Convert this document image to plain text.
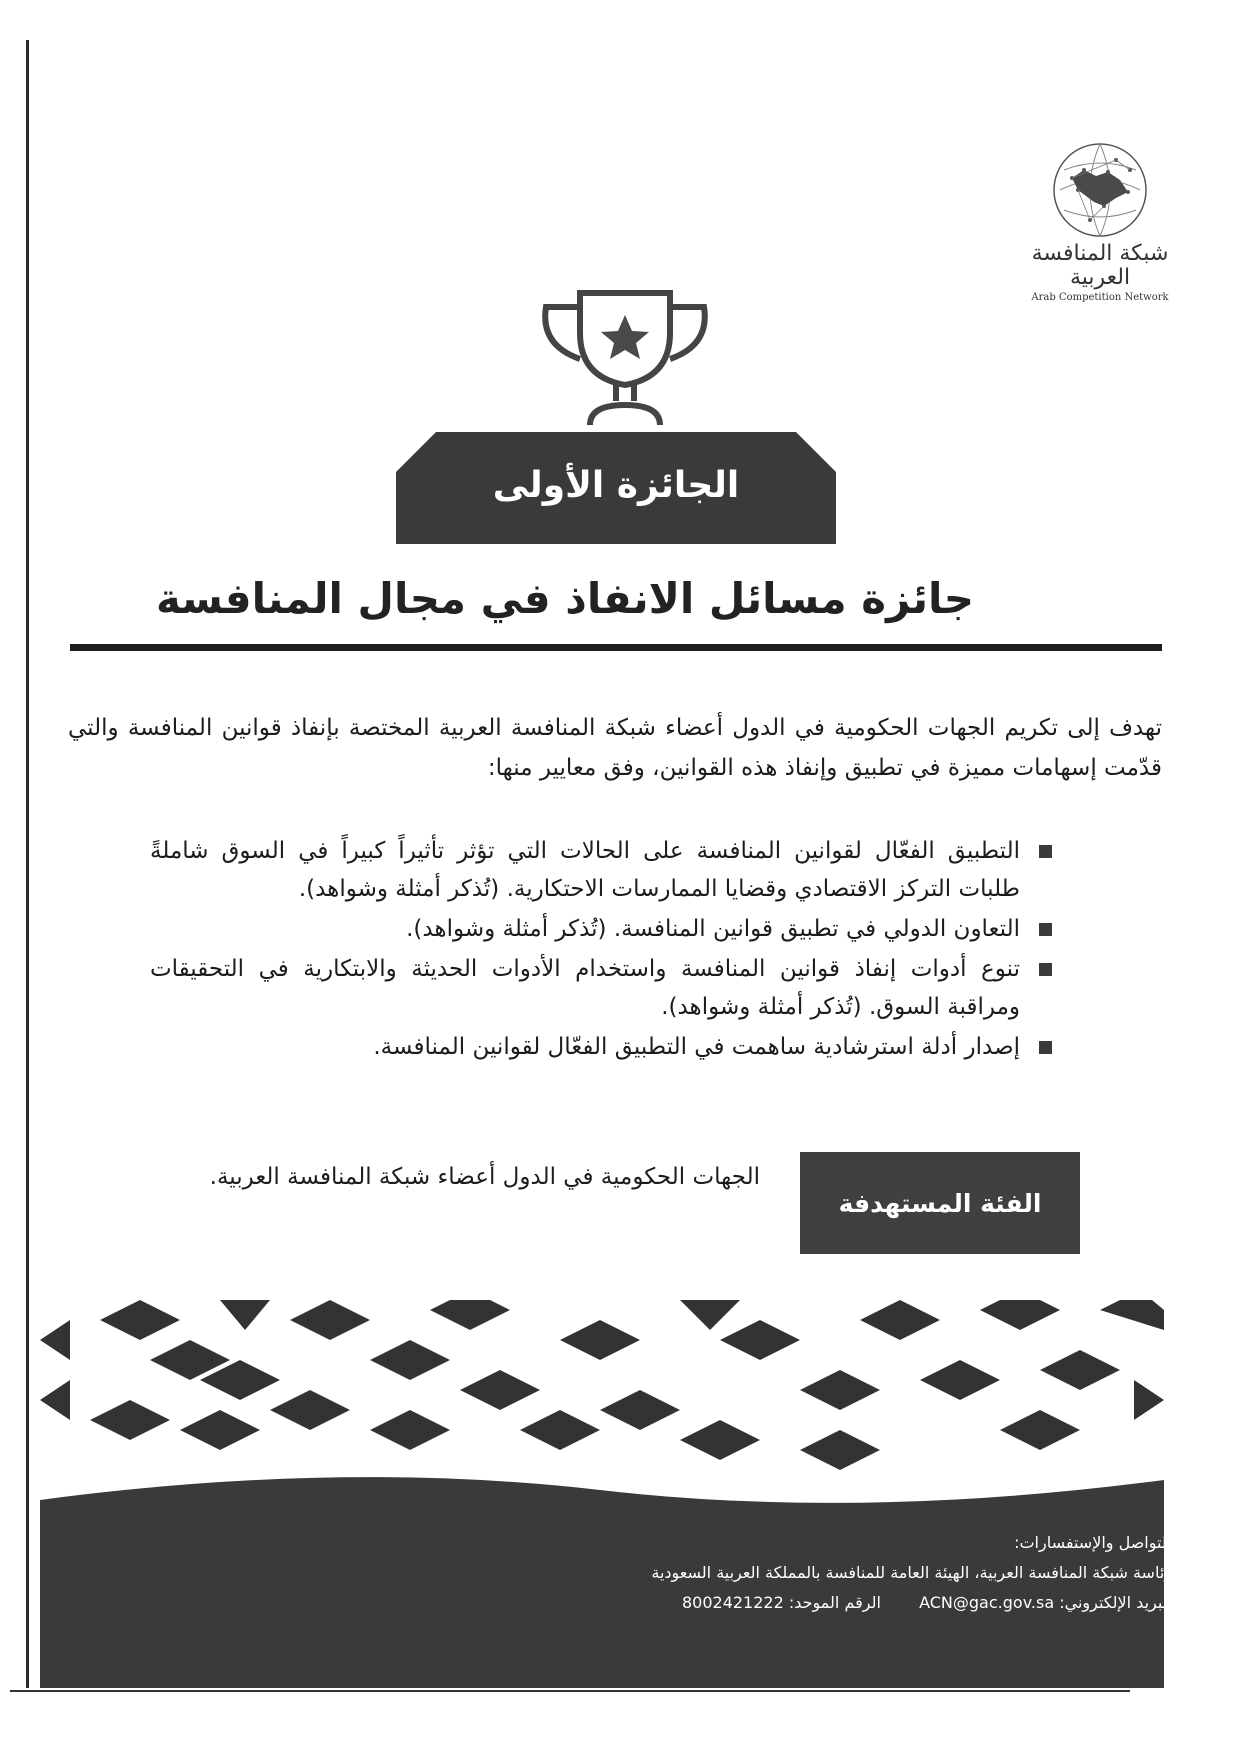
شبكة المنافسة العربية
Arab Competition Network
الجائزة الأولى
جائزة مسائل الانفاذ في مجال المنافسة
تهدف إلى تكريم الجهات الحكومية في الدول أعضاء شبكة المنافسة العربية المختصة بإنفاذ قوانين المنافسة والتي قدّمت إسهامات مميزة في تطبيق وإنفاذ هذه القوانين، وفق معايير منها:
التطبيق الفعّال لقوانين المنافسة على الحالات التي تؤثر تأثيراً كبيراً في السوق شاملةً طلبات التركز الاقتصادي وقضايا الممارسات الاحتكارية. (تُذكر أمثلة وشواهد).
التعاون الدولي في تطبيق قوانين المنافسة. (تُذكر أمثلة وشواهد).
تنوع أدوات إنفاذ قوانين المنافسة واستخدام الأدوات الحديثة والابتكارية في التحقيقات ومراقبة السوق. (تُذكر أمثلة وشواهد).
إصدار أدلة استرشادية ساهمت في التطبيق الفعّال لقوانين المنافسة.
الفئة المستهدفة
الجهات الحكومية في الدول أعضاء شبكة المنافسة العربية.
للتواصل والإستفسارات:
رئاسة شبكة المنافسة العربية، الهيئة العامة للمنافسة بالمملكة العربية السعودية
البريد الإلكتروني: ACN@gac.gov.sa  الرقم الموحد: 8002421222
